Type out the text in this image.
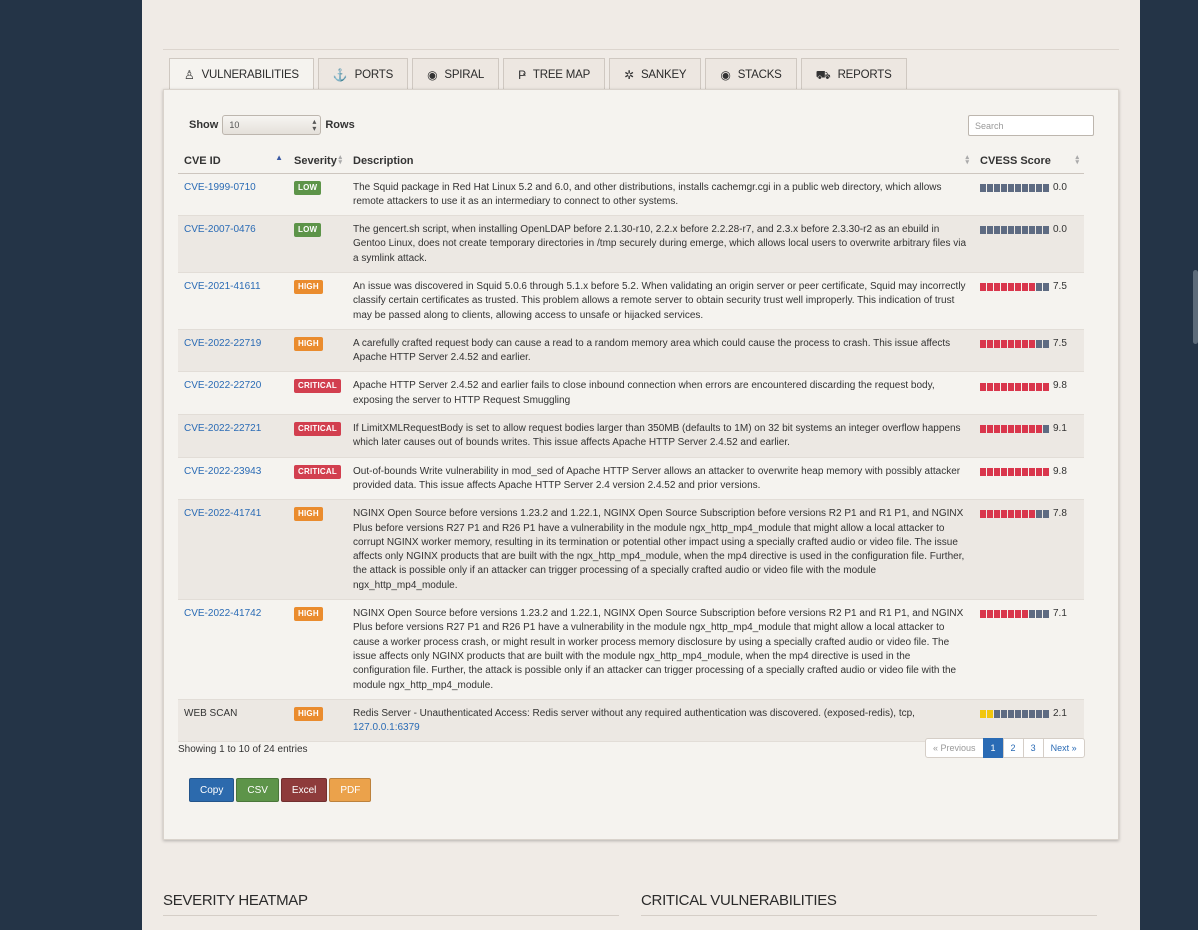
♙ VULNERABILITIES	⚓ PORTS	◉ SPIRAL	Ҏ TREE MAP	✲ SANKEY	◉ STACKS	⛟ REPORTS
Show	10	▴
▾ Rows
Search
CVE ID ▲	Severity ▴
▾	Description ▴
▾	CVESS Score ▴
▾

CVE-1999-0710	LOW	The Squid package in Red Hat Linux 5.2 and 6.0, and other distributions, installs cachemgr.cgi in a public web directory, which allows remote attackers to use it as an intermediary to connect to other systems.	0.0

CVE-2007-0476	LOW	The gencert.sh script, when installing OpenLDAP before 2.1.30-r10, 2.2.x before 2.2.28-r7, and 2.3.x before 2.3.30-r2 as an ebuild in Gentoo Linux, does not create temporary directories in /tmp securely during emerge, which allows local users to overwrite arbitrary files via a symlink attack.	0.0

CVE-2021-41611	HIGH	An issue was discovered in Squid 5.0.6 through 5.1.x before 5.2. When validating an origin server or peer certificate, Squid may incorrectly classify certain certificates as trusted. This problem allows a remote server to obtain security trust well improperly. This indication of trust may be passed along to clients, allowing access to unsafe or hijacked services.	7.5

CVE-2022-22719	HIGH	A carefully crafted request body can cause a read to a random memory area which could cause the process to crash. This issue affects Apache HTTP Server 2.4.52 and earlier.	7.5

CVE-2022-22720	CRITICAL	Apache HTTP Server 2.4.52 and earlier fails to close inbound connection when errors are encountered discarding the request body, exposing the server to HTTP Request Smuggling	9.8

CVE-2022-22721	CRITICAL	If LimitXMLRequestBody is set to allow request bodies larger than 350MB (defaults to 1M) on 32 bit systems an integer overflow happens which later causes out of bounds writes. This issue affects Apache HTTP Server 2.4.52 and earlier.	9.1

CVE-2022-23943	CRITICAL	Out-of-bounds Write vulnerability in mod_sed of Apache HTTP Server allows an attacker to overwrite heap memory with possibly attacker provided data. This issue affects Apache HTTP Server 2.4 version 2.4.52 and prior versions.	9.8

CVE-2022-41741	HIGH	NGINX Open Source before versions 1.23.2 and 1.22.1, NGINX Open Source Subscription before versions R2 P1 and R1 P1, and NGINX Plus before versions R27 P1 and R26 P1 have a vulnerability in the module ngx_http_mp4_module that might allow a local attacker to corrupt NGINX worker memory, resulting in its termination or potential other impact using a specially crafted audio or video file. The issue affects only NGINX products that are built with the ngx_http_mp4_module, when the mp4 directive is used in the configuration file. Further, the attack is possible only if an attacker can trigger processing of a specially crafted audio or video file with the module ngx_http_mp4_module.	7.8

CVE-2022-41742	HIGH	NGINX Open Source before versions 1.23.2 and 1.22.1, NGINX Open Source Subscription before versions R2 P1 and R1 P1, and NGINX Plus before versions R27 P1 and R26 P1 have a vulnerability in the module ngx_http_mp4_module that might allow a local attacker to cause a worker process crash, or might result in worker process memory disclosure by using a specially crafted audio or video file. The issue affects only NGINX products that are built with the module ngx_http_mp4_module, when the mp4 directive is used in the configuration file. Further, the attack is possible only if an attacker can trigger processing of a specially crafted audio or video file with the module ngx_http_mp4_module.	7.1

WEB SCAN	HIGH	Redis Server - Unauthenticated Access: Redis server without any required authentication was discovered. (exposed-redis), tcp,
127.0.0.1:6379	2.1
Showing 1 to 10 of 24 entries	« Previous	1	2	3	Next »
Copy	CSV	Excel	PDF
SEVERITY HEATMAP	CRITICAL VULNERABILITIES
